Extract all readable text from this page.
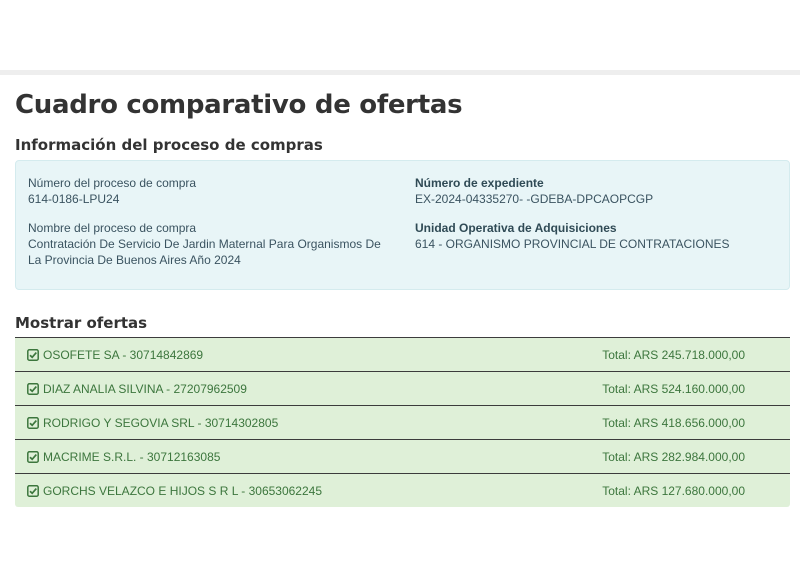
Cuadro comparativo de ofertas
Información del proceso de compras
Número del proceso de compra
614-0186-LPU24
Nombre del proceso de compra
Contratación De Servicio De Jardin Maternal Para Organismos De La Provincia De Buenos Aires Año 2024
Número de expediente
EX-2024-04335270- -GDEBA-DPCAOPCGP
Unidad Operativa de Adquisiciones
614 - ORGANISMO PROVINCIAL DE CONTRATACIONES
Mostrar ofertas
OSOFETE SA - 30714842869	Total: ARS 245.718.000,00
DIAZ ANALIA SILVINA - 27207962509	Total: ARS 524.160.000,00
RODRIGO Y SEGOVIA SRL - 30714302805	Total: ARS 418.656.000,00
MACRIME S.R.L. - 30712163085	Total: ARS 282.984.000,00
GORCHS VELAZCO E HIJOS S R L - 30653062245	Total: ARS 127.680.000,00
